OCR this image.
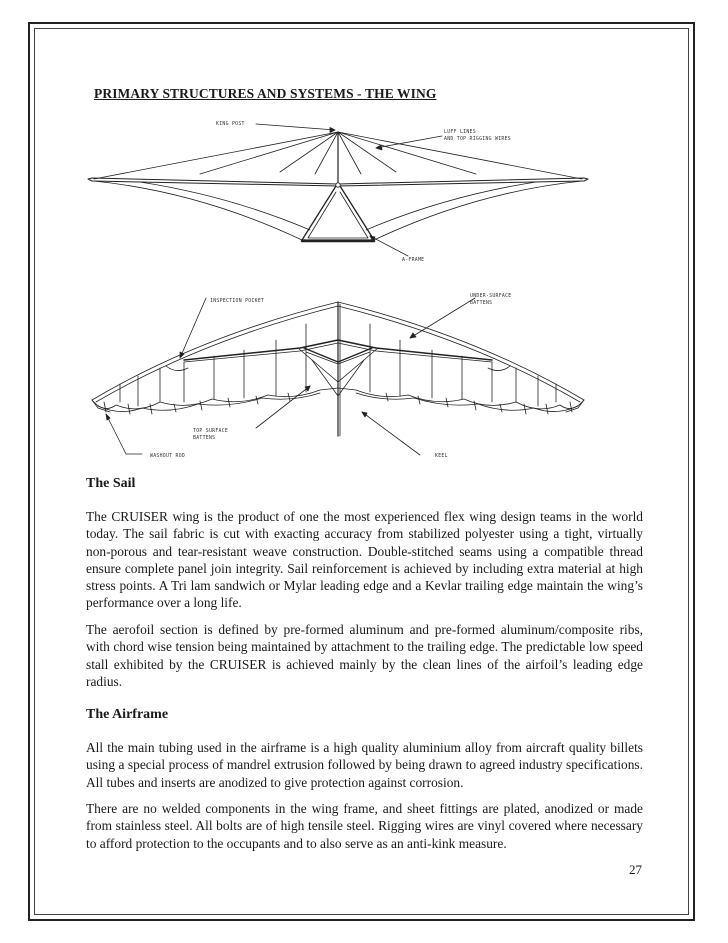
PRIMARY STRUCTURES AND SYSTEMS - THE WING
KING POST
LUFF LINES
AND TOP RIGGING WIRES
A-FRAME
INSPECTION POCKET
UNDER-SURFACE
BATTENS
TOP SURFACE
BATTENS
WASHOUT ROD	KEEL
The Sail

The CRUISER wing is the product of one the most experienced flex wing design teams in the world today. The sail fabric is cut with exacting accuracy from stabilized polyester using a tight, virtually non-porous and tear-resistant weave construction. Double-stitched seams using a compatible thread ensure complete panel join integrity. Sail reinforcement is achieved by including extra material at high stress points. A Tri lam sandwich or Mylar leading edge and a Kevlar trailing edge maintain the wing’s performance over a long life.

The aerofoil section is defined by pre-formed aluminum and pre-formed aluminum/composite ribs, with chord wise tension being maintained by attachment to the trailing edge. The predictable low speed stall exhibited by the CRUISER is achieved mainly by the clean lines of the airfoil’s leading edge radius.

The Airframe

All the main tubing used in the airframe is a high quality aluminium alloy from aircraft quality billets using a special process of mandrel extrusion followed by being drawn to agreed industry specifications. All tubes and inserts are anodized to give protection against corrosion.

There are no welded components in the wing frame, and sheet fittings are plated, anodized or made from stainless steel. All bolts are of high tensile steel. Rigging wires are vinyl covered where necessary to afford protection to the occupants and to also serve as an anti-kink measure.

27
